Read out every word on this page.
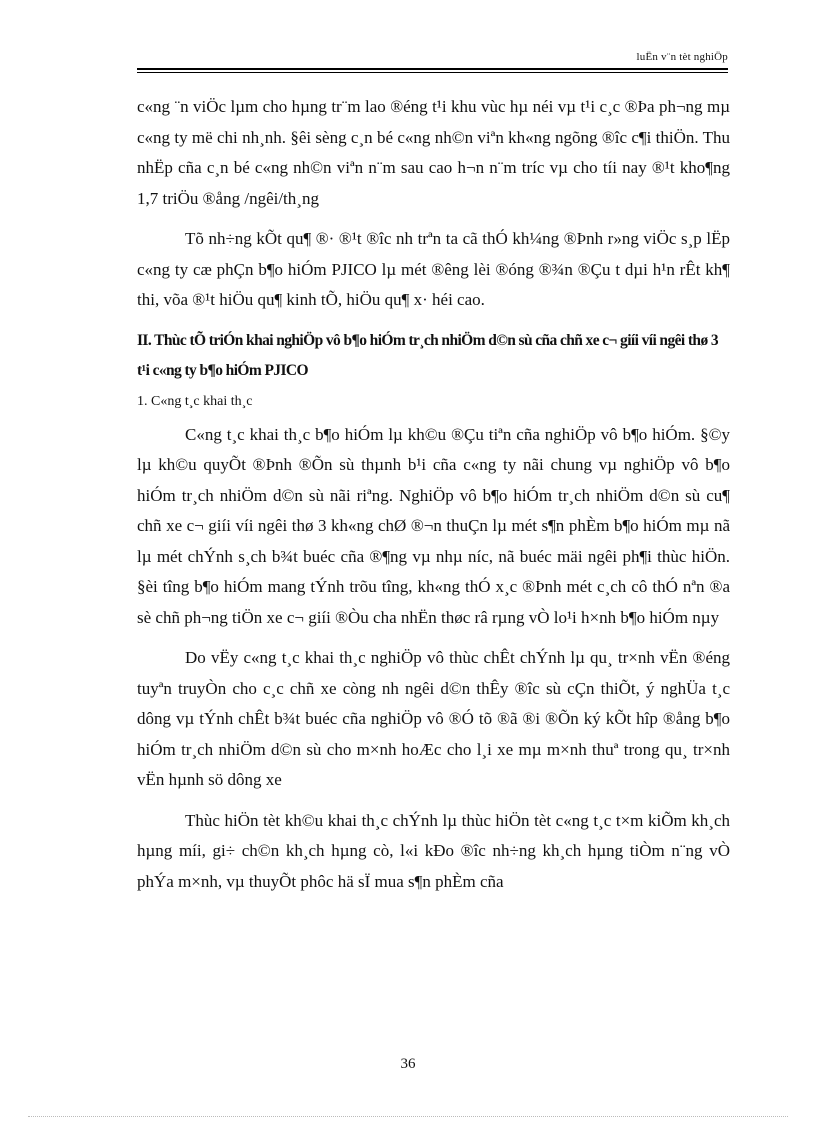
luËn v¨n tèt nghiÖp

c«ng ¨n viÖc lµm cho hµng tr¨m lao ®éng t¹i khu vùc hµ néi vµ t¹i c¸c ®Þa ph¬ng mµ c«ng ty më chi nh¸nh. §êi sèng c¸n bé c«ng nh©n viªn kh«ng ngõng ®îc c¶i thiÖn. Thu nhËp cña c¸n bé c«ng nh©n viªn n¨m sau cao h¬n n¨m tríc vµ cho tíi nay ®¹t kho¶ng 1,7 triÖu ®ång /ngêi/th¸ng

Tõ nh÷ng kÕt qu¶ ®· ®¹t ®îc nh trªn ta cã thÓ kh¼ng ®Þnh r»ng viÖc s¸p lËp c«ng ty cæ phÇn b¶o hiÓm PJICO lµ mét ®êng lèi ®óng ®¾n ®Çu t dµi h¹n rÊt kh¶ thi, võa ®¹t hiÖu qu¶ kinh tÕ, hiÖu qu¶ x· héi cao.

II. Thùc tÕ triÓn khai nghiÖp vô b¶o hiÓm tr¸ch nhiÖm d©n sù cña chñ xe c¬ giíi víi ngêi thø 3 t¹i c«ng ty b¶o hiÓm PJICO
1. C«ng t¸c khai th¸c

C«ng t¸c khai th¸c b¶o hiÓm lµ kh©u ®Çu tiªn cña nghiÖp vô b¶o hiÓm. §©y lµ kh©u quyÕt ®Þnh ®Õn sù thµnh b¹i cña c«ng ty nãi chung vµ nghiÖp vô b¶o hiÓm tr¸ch nhiÖm d©n sù nãi riªng. NghiÖp vô b¶o hiÓm tr¸ch nhiÖm d©n sù cu¶ chñ xe c¬ giíi víi ngêi thø 3 kh«ng chØ ®¬n thuÇn lµ mét s¶n phÈm b¶o hiÓm mµ nã lµ mét chÝnh s¸ch b¾t buéc cña ®¶ng vµ nhµ níc, nã buéc mäi ngêi ph¶i thùc hiÖn. §èi tîng b¶o hiÓm mang tÝnh trõu tîng, kh«ng thÓ x¸c ®Þnh mét c¸ch cô thÓ nªn ®a sè chñ ph¬ng tiÖn xe c¬ giíi ®Òu cha nhËn thøc râ rµng vÒ lo¹i h×nh b¶o hiÓm nµy

Do vËy c«ng t¸c khai th¸c nghiÖp vô thùc chÊt chÝnh lµ qu¸ tr×nh vËn ®éng tuyªn truyÒn cho c¸c chñ xe còng nh ngêi d©n thÊy ®îc sù cÇn thiÕt, ý nghÜa t¸c dông vµ tÝnh chÊt b¾t buéc cña nghiÖp vô ®Ó tõ ®ã ®i ®Õn ký kÕt hîp ®ång b¶o hiÓm tr¸ch nhiÖm d©n sù cho m×nh hoÆc cho l¸i xe mµ m×nh thuª trong qu¸ tr×nh vËn hµnh sö dông xe

Thùc hiÖn tèt kh©u khai th¸c chÝnh lµ thùc hiÖn tèt c«ng t¸c t×m kiÕm kh¸ch hµng míi, gi÷ ch©n kh¸ch hµng cò, l«i kÐo ®îc nh÷ng kh¸ch hµng tiÒm n¨ng vÒ phÝa m×nh, vµ thuyÕt phôc hä sÏ mua s¶n phÈm cña

36
